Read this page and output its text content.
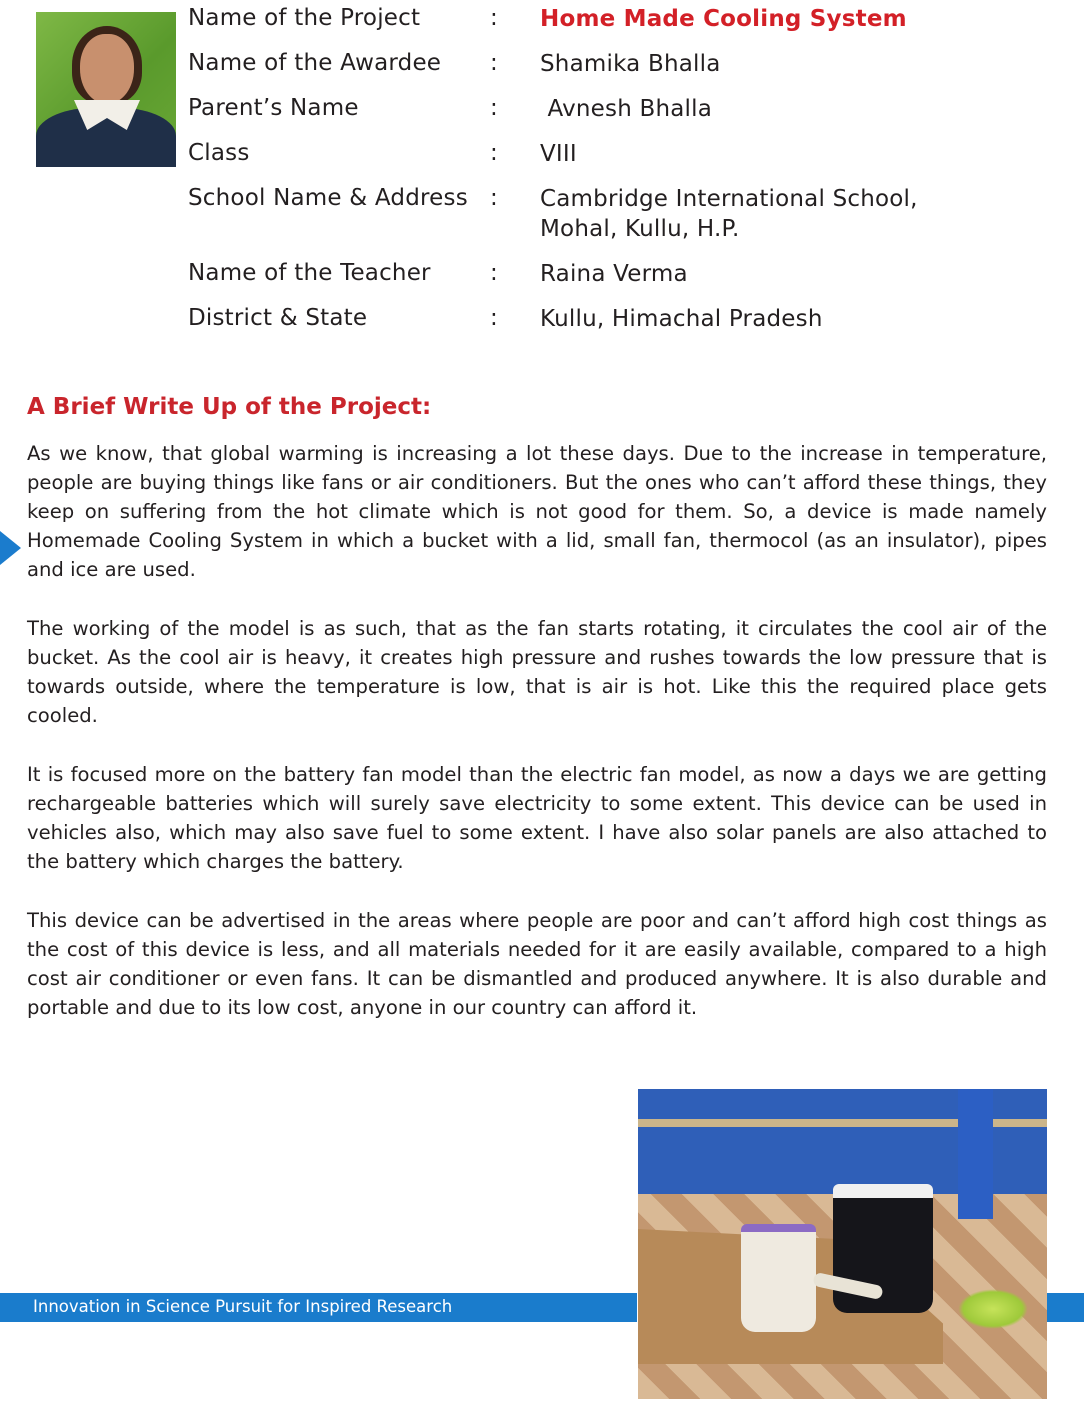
Name of the Project	: Home Made Cooling System
Name of the Awardee : Shamika Bhalla
Parent’s Name	: Avnesh Bhalla
Class	: VIII
School Name & Address : Cambridge International School,
Mohal, Kullu, H.P.
Name of the Teacher	: Raina Verma
District & State	: Kullu, Himachal Pradesh
A Brief Write Up of the Project:

As we know, that global warming is increasing a lot these days. Due to the increase in temperature, people are buying things like fans or air conditioners. But the ones who can’t afford these things, they keep on suffering from the hot climate which is not good for them. So, a device is made namely Homemade Cooling System in which a bucket with a lid, small fan, thermocol (as an insulator), pipes and ice are used.

The working of the model is as such, that as the fan starts rotating, it circulates the cool air of the bucket. As the cool air is heavy, it creates high pressure and rushes towards the low pressure that is towards outside, where the temperature is low, that is air is hot. Like this the required place gets cooled.

It is focused more on the battery fan model than the electric fan model, as now a days we are getting rechargeable batteries which will surely save electricity to some extent. This device can be used in vehicles also, which may also save fuel to some extent. I have also solar panels are also attached to the battery which charges the battery.

This device can be advertised in the areas where people are poor and can’t afford high cost things as the cost of this device is less, and all materials needed for it are easily available, compared to a high cost air conditioner or even fans. It can be dismantled and produced anywhere. It is also durable and portable and due to its low cost, anyone in our country can afford it.

Innovation in Science Pursuit for Inspired Research
